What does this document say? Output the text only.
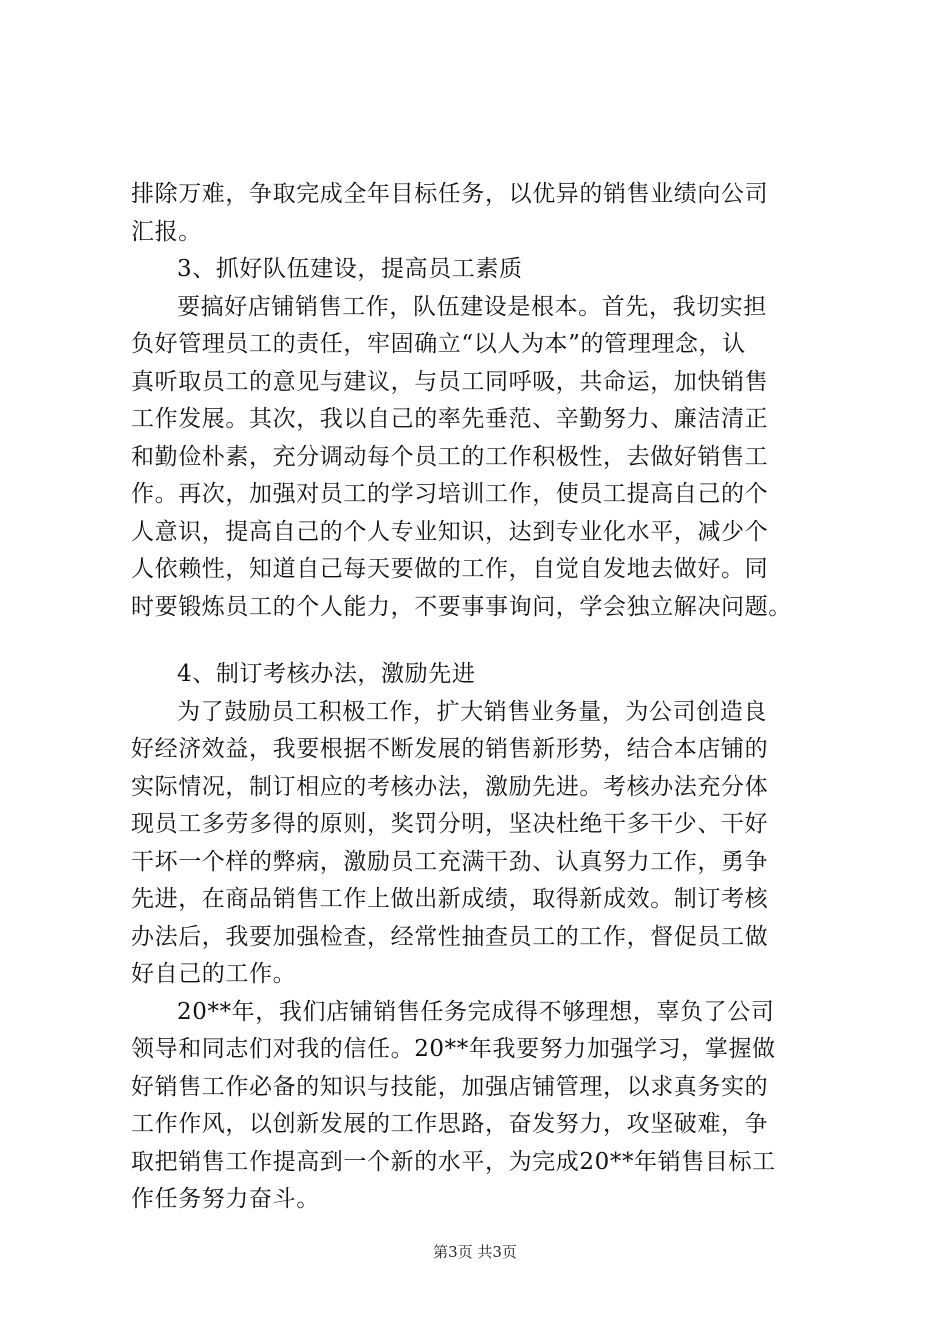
排除万难，争取完成全年目标任务，以优异的销售业绩向公司
汇报。
3、抓好队伍建设，提高员工素质
要搞好店铺销售工作，队伍建设是根本。首先，我切实担
负好管理员工的责任，牢固确立“以人为本”的管理理念，认
真听取员工的意见与建议，与员工同呼吸，共命运，加快销售
工作发展。其次，我以自己的率先垂范、辛勤努力、廉洁清正
和勤俭朴素，充分调动每个员工的工作积极性，去做好销售工
作。再次，加强对员工的学习培训工作，使员工提高自己的个
人意识，提高自己的个人专业知识，达到专业化水平，减少个
人依赖性，知道自己每天要做的工作，自觉自发地去做好。同
时要锻炼员工的个人能力，不要事事询问，学会独立解决问题。
4、制订考核办法，激励先进
为了鼓励员工积极工作，扩大销售业务量，为公司创造良
好经济效益，我要根据不断发展的销售新形势，结合本店铺的
实际情况，制订相应的考核办法，激励先进。考核办法充分体
现员工多劳多得的原则，奖罚分明，坚决杜绝干多干少、干好
干坏一个样的弊病，激励员工充满干劲、认真努力工作，勇争
先进，在商品销售工作上做出新成绩，取得新成效。制订考核
办法后，我要加强检查，经常性抽查员工的工作，督促员工做
好自己的工作。
20**年，我们店铺销售任务完成得不够理想，辜负了公司
领导和同志们对我的信任。20**年我要努力加强学习，掌握做
好销售工作必备的知识与技能，加强店铺管理，以求真务实的
工作作风，以创新发展的工作思路，奋发努力，攻坚破难，争
取把销售工作提高到一个新的水平，为完成20**年销售目标工
作任务努力奋斗。
第3页 共3页
